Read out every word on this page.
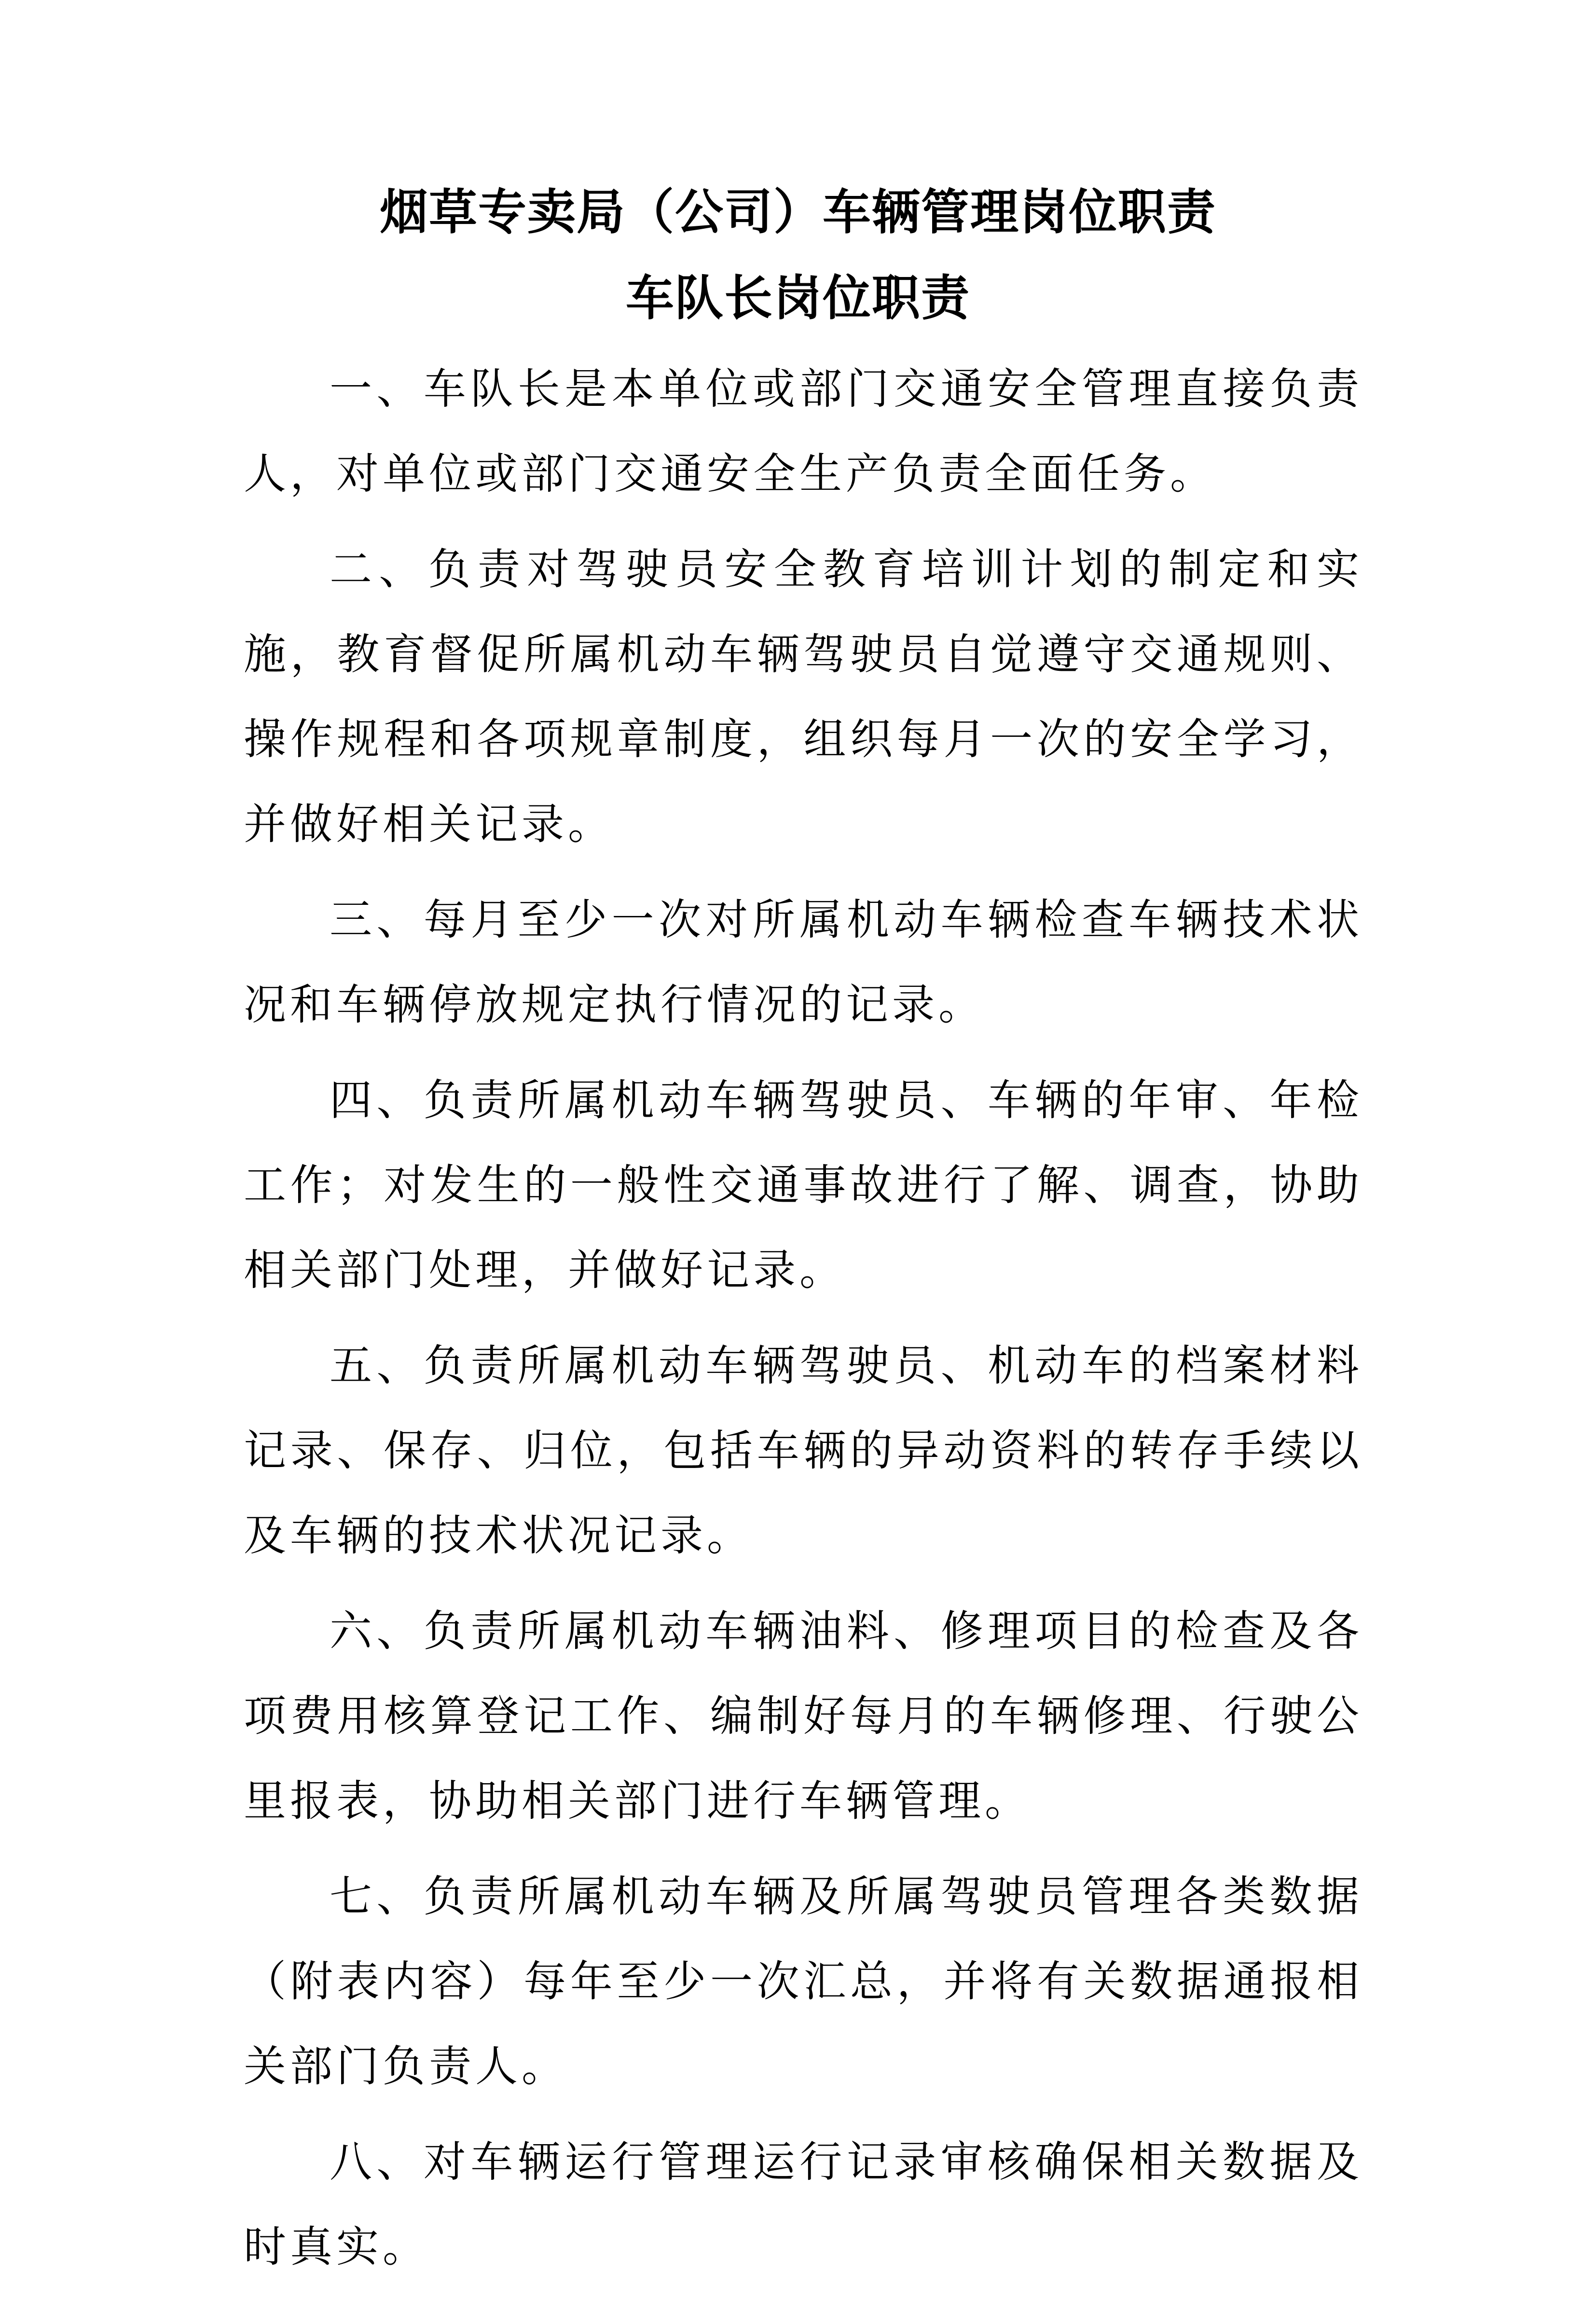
烟草专卖局（公司）车辆管理岗位职责
车队长岗位职责

一、车队长是本单位或部门交通安全管理直接负责人，对单位或部门交通安全生产负责全面任务。

二、负责对驾驶员安全教育培训计划的制定和实施，教育督促所属机动车辆驾驶员自觉遵守交通规则、操作规程和各项规章制度，组织每月一次的安全学习，并做好相关记录。

三、每月至少一次对所属机动车辆检查车辆技术状况和车辆停放规定执行情况的记录。

四、负责所属机动车辆驾驶员、车辆的年审、年检工作；对发生的一般性交通事故进行了解、调查，协助相关部门处理，并做好记录。

五、负责所属机动车辆驾驶员、机动车的档案材料记录、保存、归位，包括车辆的异动资料的转存手续以及车辆的技术状况记录。

六、负责所属机动车辆油料、修理项目的检查及各项费用核算登记工作、编制好每月的车辆修理、行驶公里报表，协助相关部门进行车辆管理。

七、负责所属机动车辆及所属驾驶员管理各类数据（附表内容）每年至少一次汇总，并将有关数据通报相关部门负责人。

八、对车辆运行管理运行记录审核确保相关数据及时真实。
